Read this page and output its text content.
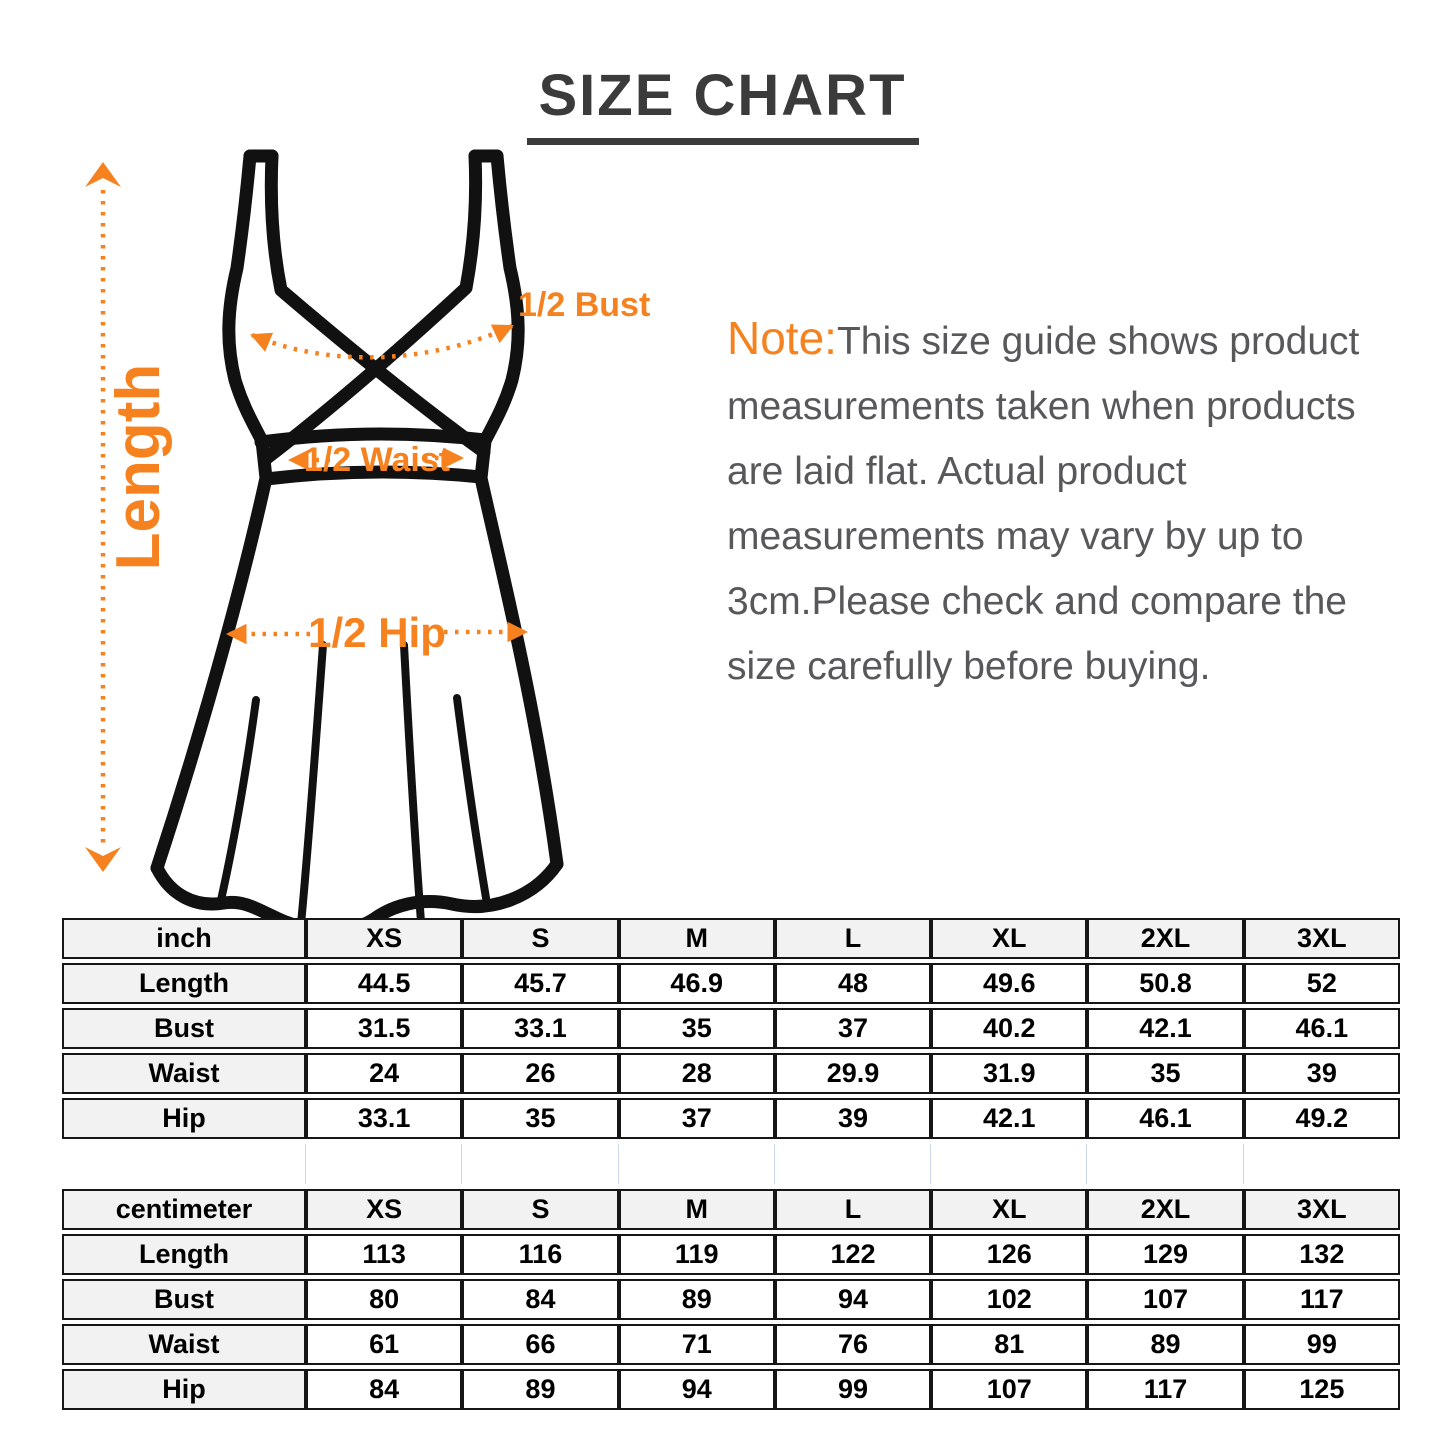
SIZE CHART
Note:This size guide shows product measurements taken when products are laid flat. Actual product measurements may vary by up to 3cm.Please check and compare the size carefully before buying.
Length
1/2 Bust
1/2 Waist
1/2 Hip
inch	XS	S	M	L	XL	2XL	3XL
Length	44.5	45.7	46.9	48	49.6	50.8	52
Bust	31.5	33.1	35	37	40.2	42.1	46.1
Waist	24	26	28	29.9	31.9	35	39
Hip	33.1	35	37	39	42.1	46.1	49.2
centimeter	XS	S	M	L	XL	2XL	3XL
Length	113	116	119	122	126	129	132
Bust	80	84	89	94	102	107	117
Waist	61	66	71	76	81	89	99
Hip	84	89	94	99	107	117	125
